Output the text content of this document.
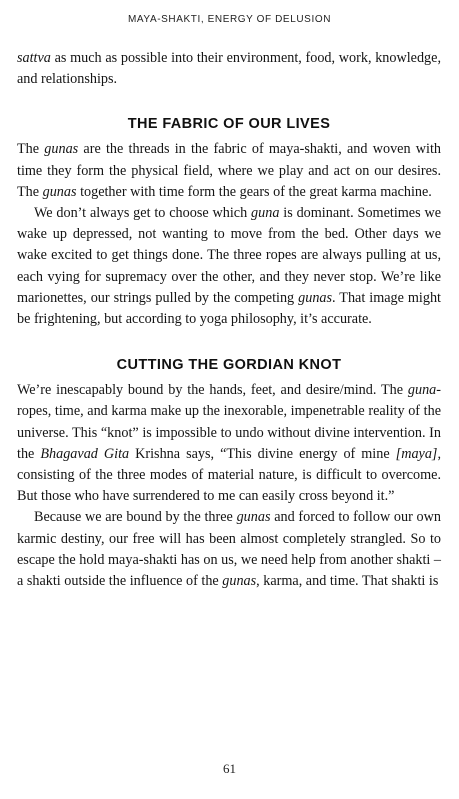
MAYA-SHAKTI, ENERGY OF DELUSION

sattva as much as possible into their environment, food, work, knowledge, and relationships.

THE FABRIC OF OUR LIVES

The gunas are the threads in the fabric of maya-shakti, and woven with time they form the physical field, where we play and act on our desires. The gunas together with time form the gears of the great karma machine.

We don’t always get to choose which guna is dominant. Sometimes we wake up depressed, not wanting to move from the bed. Other days we wake excited to get things done. The three ropes are always pulling at us, each vying for supremacy over the other, and they never stop. We’re like marionettes, our strings pulled by the competing gunas. That image might be frightening, but according to yoga philosophy, it’s accurate.

CUTTING THE GORDIAN KNOT

We’re inescapably bound by the hands, feet, and desire/mind. The guna-ropes, time, and karma make up the inexorable, impenetrable reality of the universe. This “knot” is impossible to undo without divine intervention. In the Bhagavad Gita Krishna says, “This divine energy of mine [maya], consisting of the three modes of material nature, is difficult to overcome. But those who have surrendered to me can easily cross beyond it.”

Because we are bound by the three gunas and forced to follow our own karmic destiny, our free will has been almost completely strangled. So to escape the hold maya-shakti has on us, we need help from another shakti – a shakti outside the influence of the gunas, karma, and time. That shakti is

61
